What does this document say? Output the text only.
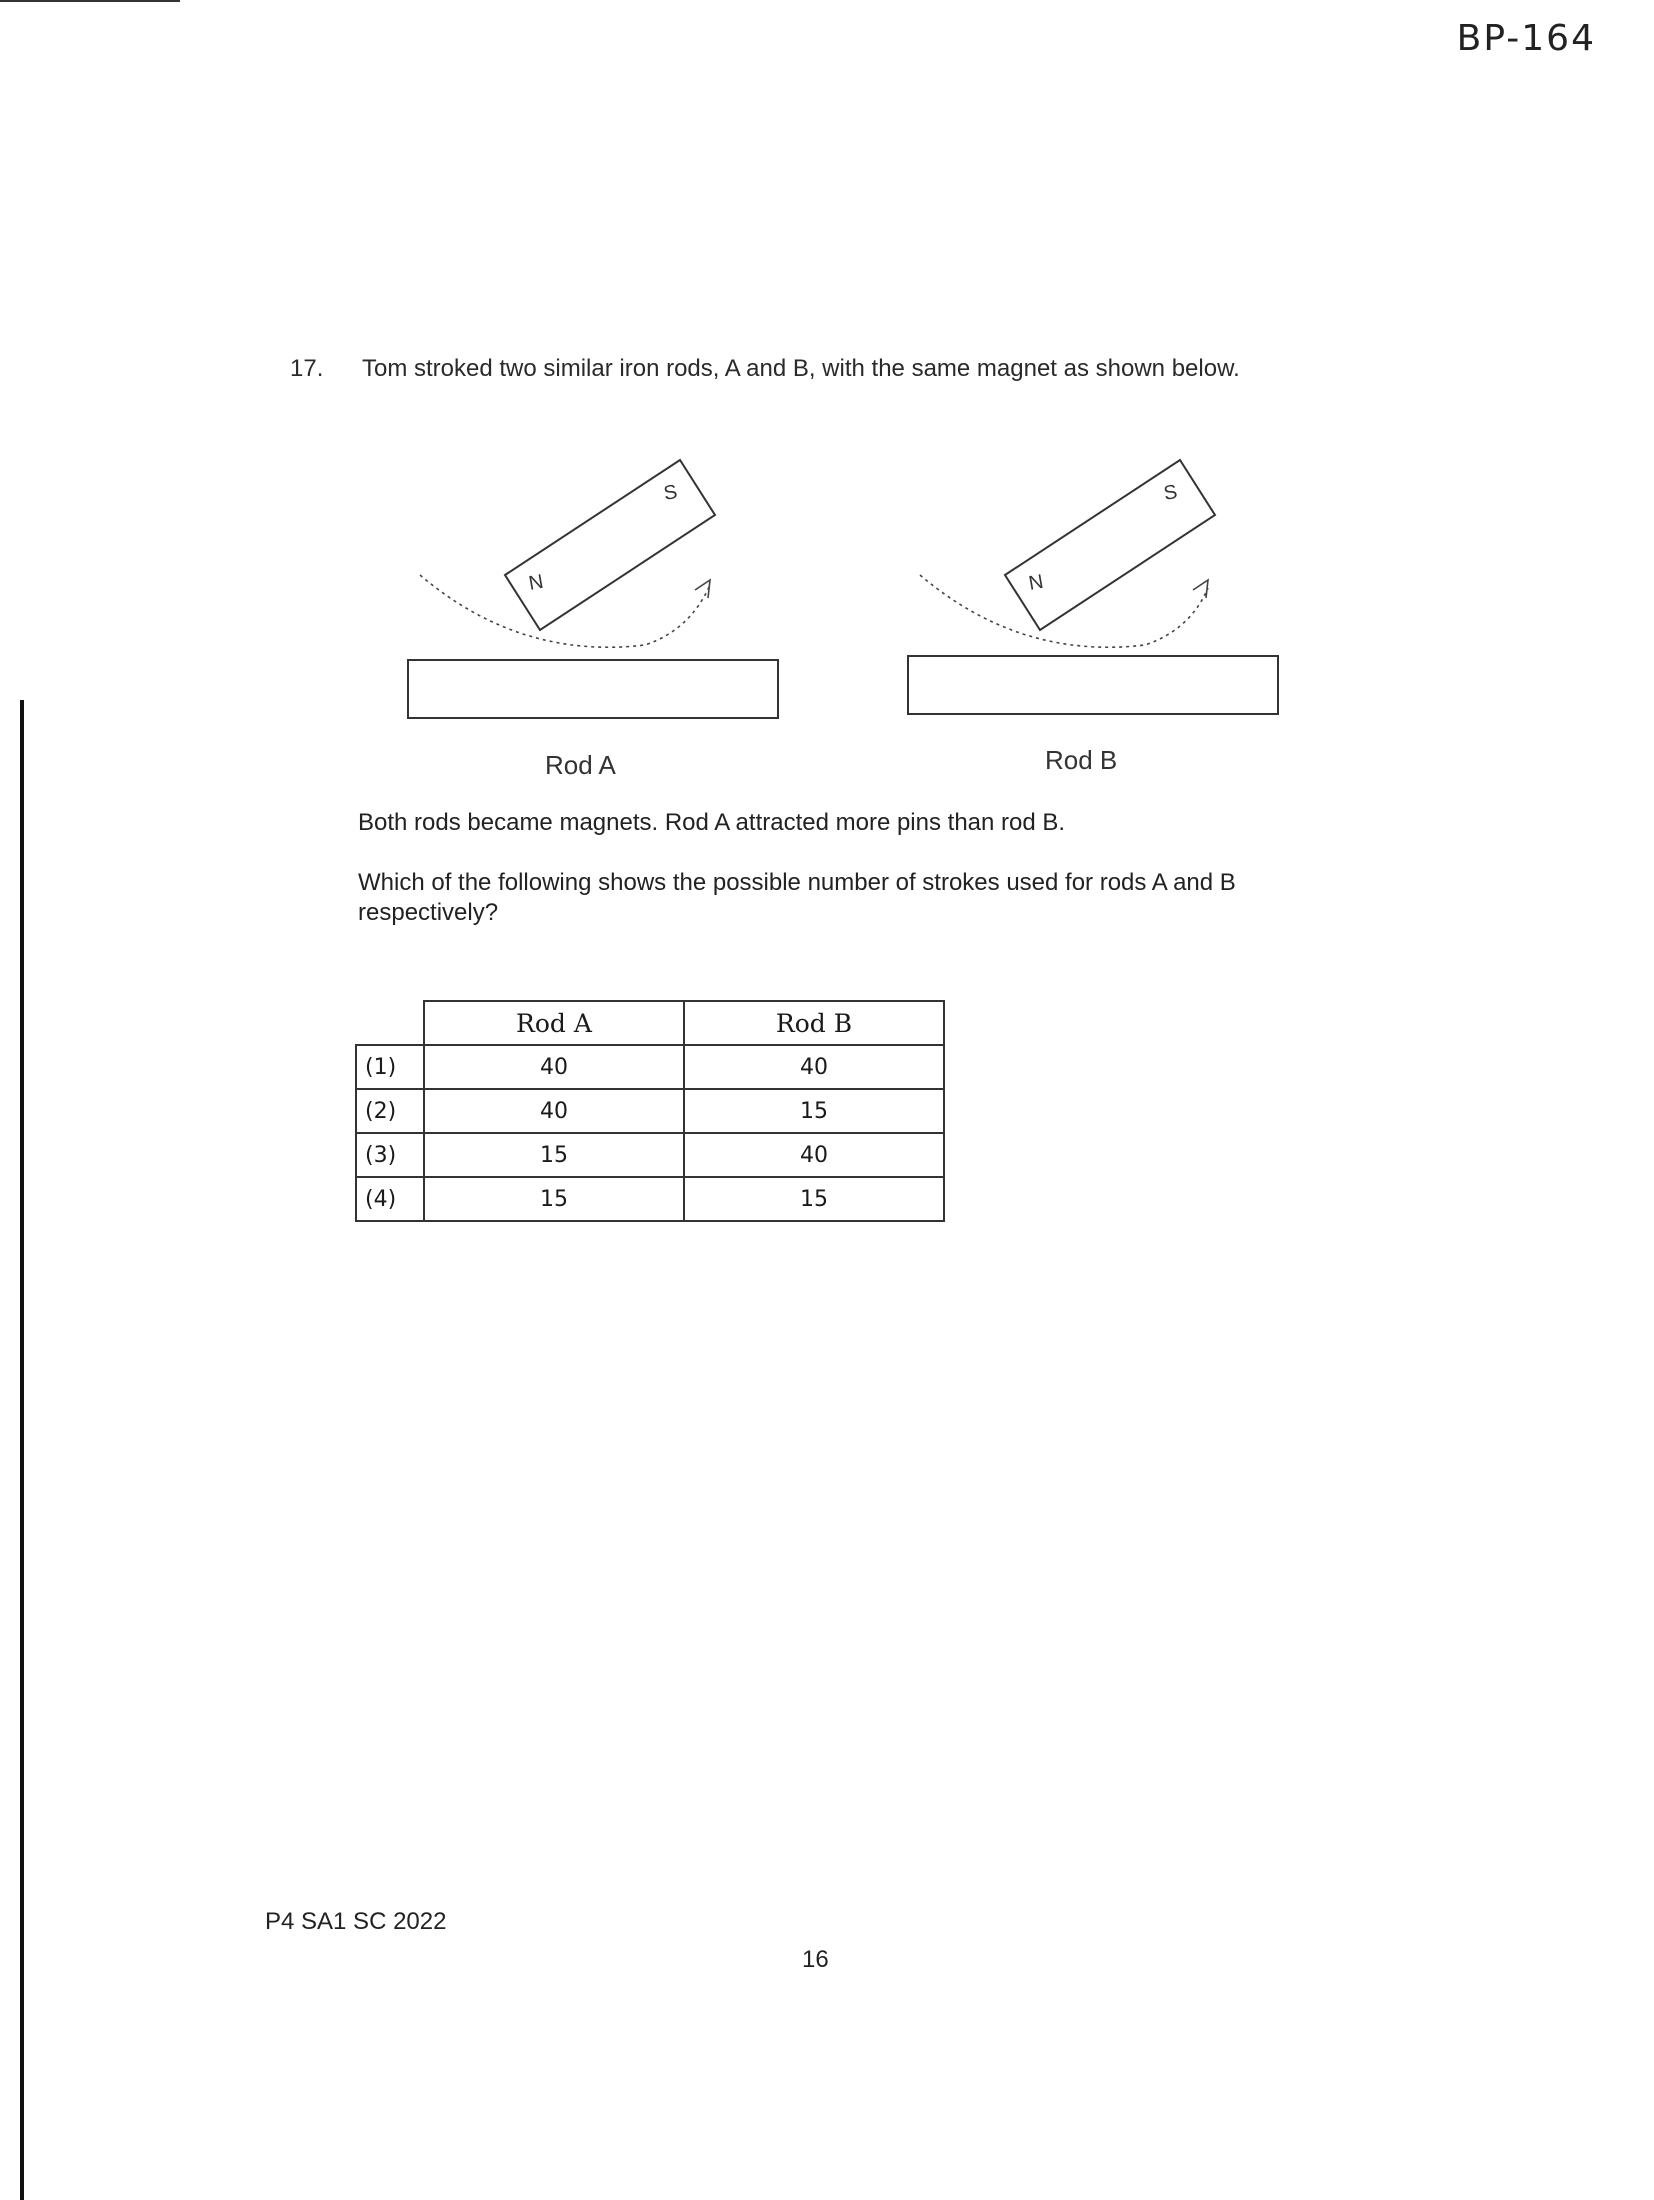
BP-164
17. Tom stroked two similar iron rods, A and B, with the same magnet as shown below.
N
S
N
S
Rod A	Rod B
Both rods became magnets. Rod A attracted more pins than rod B.
Which of the following shows the possible number of strokes used for rods A and B respectively?
	Rod A	Rod B
(1)	40	40
(2)	40	15
(3)	15	40
(4)	15	15
P4 SA1 SC 2022
16
